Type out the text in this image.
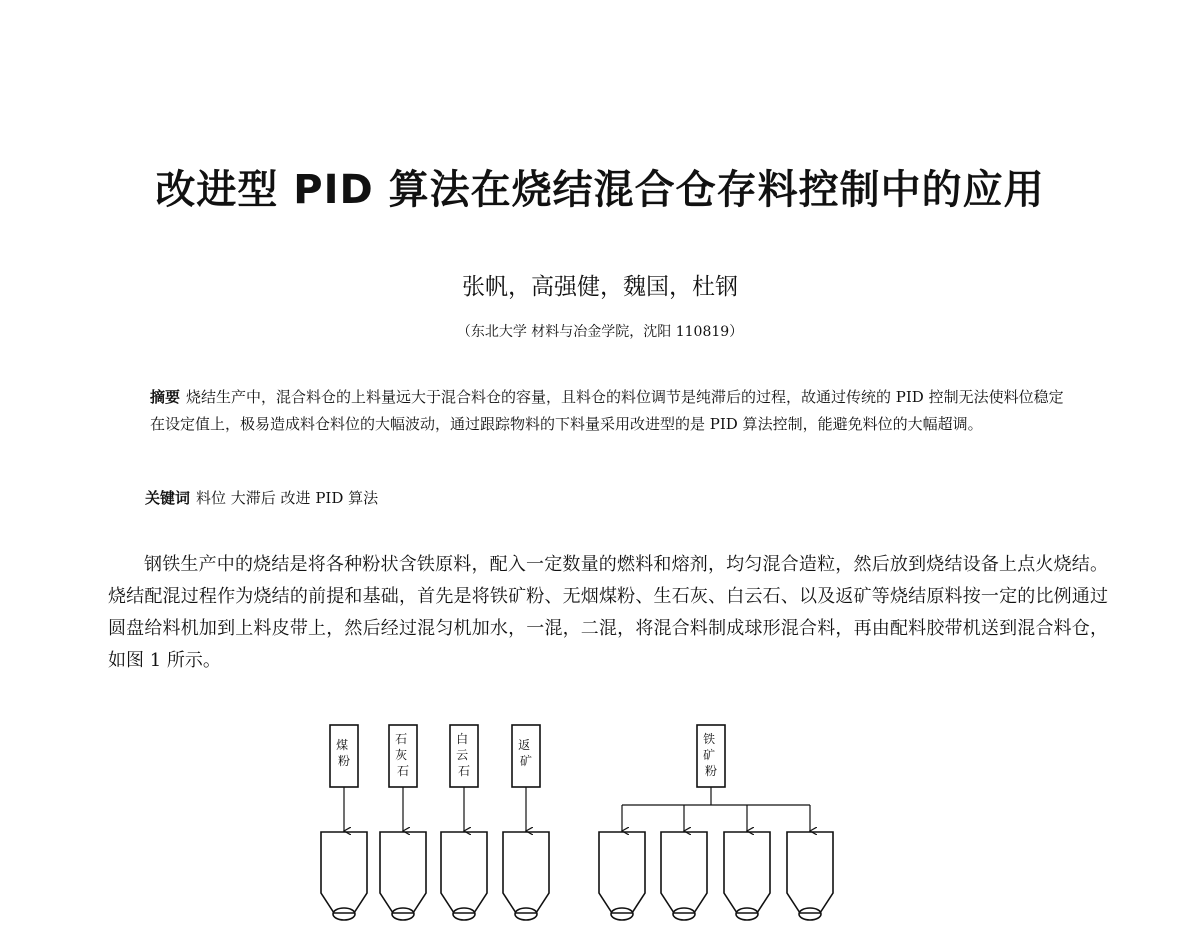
改进型 PID 算法在烧结混合仓存料控制中的应用

张帆，高强健，魏国，杜钢

（东北大学 材料与冶金学院，沈阳 110819）

摘要 烧结生产中，混合料仓的上料量远大于混合料仓的容量，且料仓的料位调节是纯滞后的过程，故通过传统的 PID 控制无法使料位稳定在设定值上，极易造成料仓料位的大幅波动，通过跟踪物料的下料量采用改进型的是 PID 算法控制，能避免料位的大幅超调。

关键词 料位 大滞后 改进 PID 算法

钢铁生产中的烧结是将各种粉状含铁原料，配入一定数量的燃料和熔剂，均匀混合造粒，然后放到烧结设备上点火烧结。烧结配混过程作为烧结的前提和基础，首先是将铁矿粉、无烟煤粉、生石灰、白云石、以及返矿等烧结原料按一定的比例通过圆盘给料机加到上料皮带上，然后经过混匀机加水，一混，二混，将混合料制成球形混合料，再由配料胶带机送到混合料仓，如图 1 所示。

煤 粉
石 灰 石
白 云 石
返 矿
铁 矿 粉
